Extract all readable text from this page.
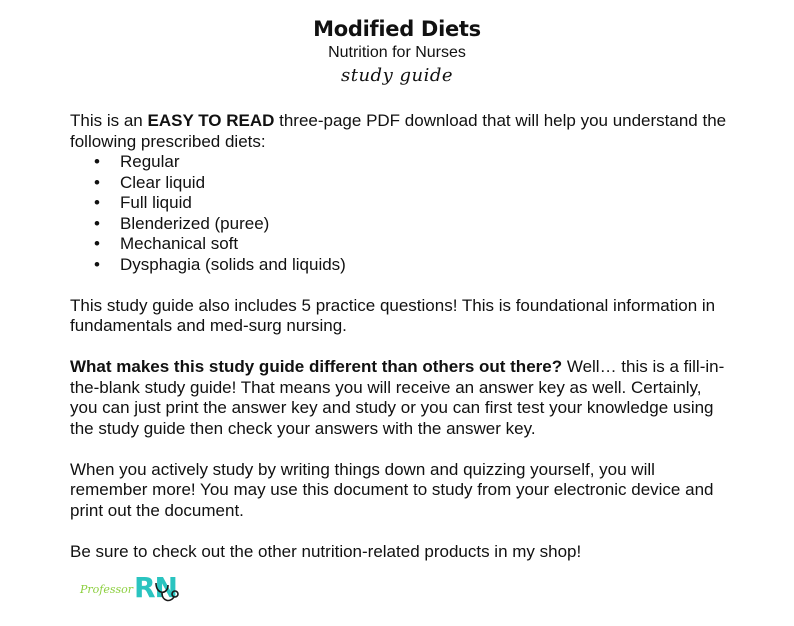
Modified Diets
Nutrition for Nurses
study guide

This is an EASY TO READ three-page PDF download that will help you understand the following prescribed diets:

• Regular
• Clear liquid
• Full liquid
• Blenderized (puree)
• Mechanical soft
• Dysphagia (solids and liquids)

This study guide also includes 5 practice questions! This is foundational information in fundamentals and med-surg nursing.

What makes this study guide different than others out there? Well… this is a fill-in-the-blank study guide! That means you will receive an answer key as well. Certainly, you can just print the answer key and study or you can first test your knowledge using the study guide then check your answers with the answer key.

When you actively study by writing things down and quizzing yourself, you will remember more! You may use this document to study from your electronic device and print out the document.

Be sure to check out the other nutrition-related products in my shop!

Professor RN
